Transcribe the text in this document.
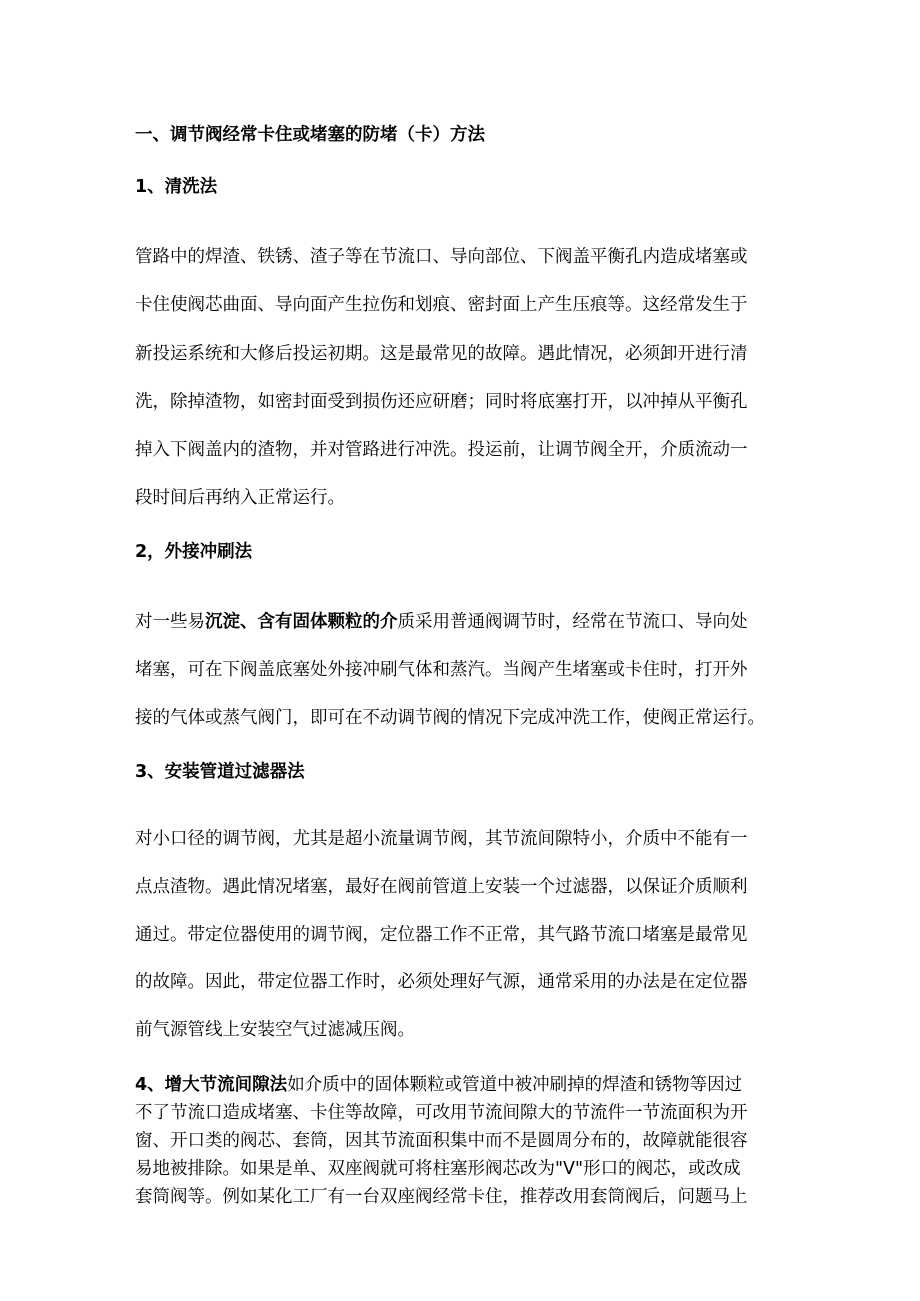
一、调节阀经常卡住或堵塞的防堵（卡）方法
1、清洗法
管路中的焊渣、铁锈、渣子等在节流口、导向部位、下阀盖平衡孔内造成堵塞或
卡住使阀芯曲面、导向面产生拉伤和划痕、密封面上产生压痕等。这经常发生于
新投运系统和大修后投运初期。这是最常见的故障。遇此情况，必须卸开进行清
洗，除掉渣物，如密封面受到损伤还应研磨；同时将底塞打开，以冲掉从平衡孔
掉入下阀盖内的渣物，并对管路进行冲洗。投运前，让调节阀全开，介质流动一
段时间后再纳入正常运行。
2，外接冲刷法
对一些易沉淀、含有固体颗粒的介质采用普通阀调节时，经常在节流口、导向处
堵塞，可在下阀盖底塞处外接冲刷气体和蒸汽。当阀产生堵塞或卡住时，打开外
接的气体或蒸气阀门，即可在不动调节阀的情况下完成冲洗工作，使阀正常运行。
3、安装管道过滤器法
对小口径的调节阀，尤其是超小流量调节阀，其节流间隙特小，介质中不能有一
点点渣物。遇此情况堵塞，最好在阀前管道上安装一个过滤器，以保证介质顺利
通过。带定位器使用的调节阀，定位器工作不正常，其气路节流口堵塞是最常见
的故障。因此，带定位器工作时，必须处理好气源，通常采用的办法是在定位器
前气源管线上安装空气过滤减压阀。
4、增大节流间隙法如介质中的固体颗粒或管道中被冲刷掉的焊渣和锈物等因过
不了节流口造成堵塞、卡住等故障，可改用节流间隙大的节流件一节流面积为开
窗、开口类的阀芯、套筒，因其节流面积集中而不是圆周分布的，故障就能很容
易地被排除。如果是单、双座阀就可将柱塞形阀芯改为"V"形口的阀芯，或改成
套筒阀等。例如某化工厂有一台双座阀经常卡住，推荐改用套筒阀后，问题马上
